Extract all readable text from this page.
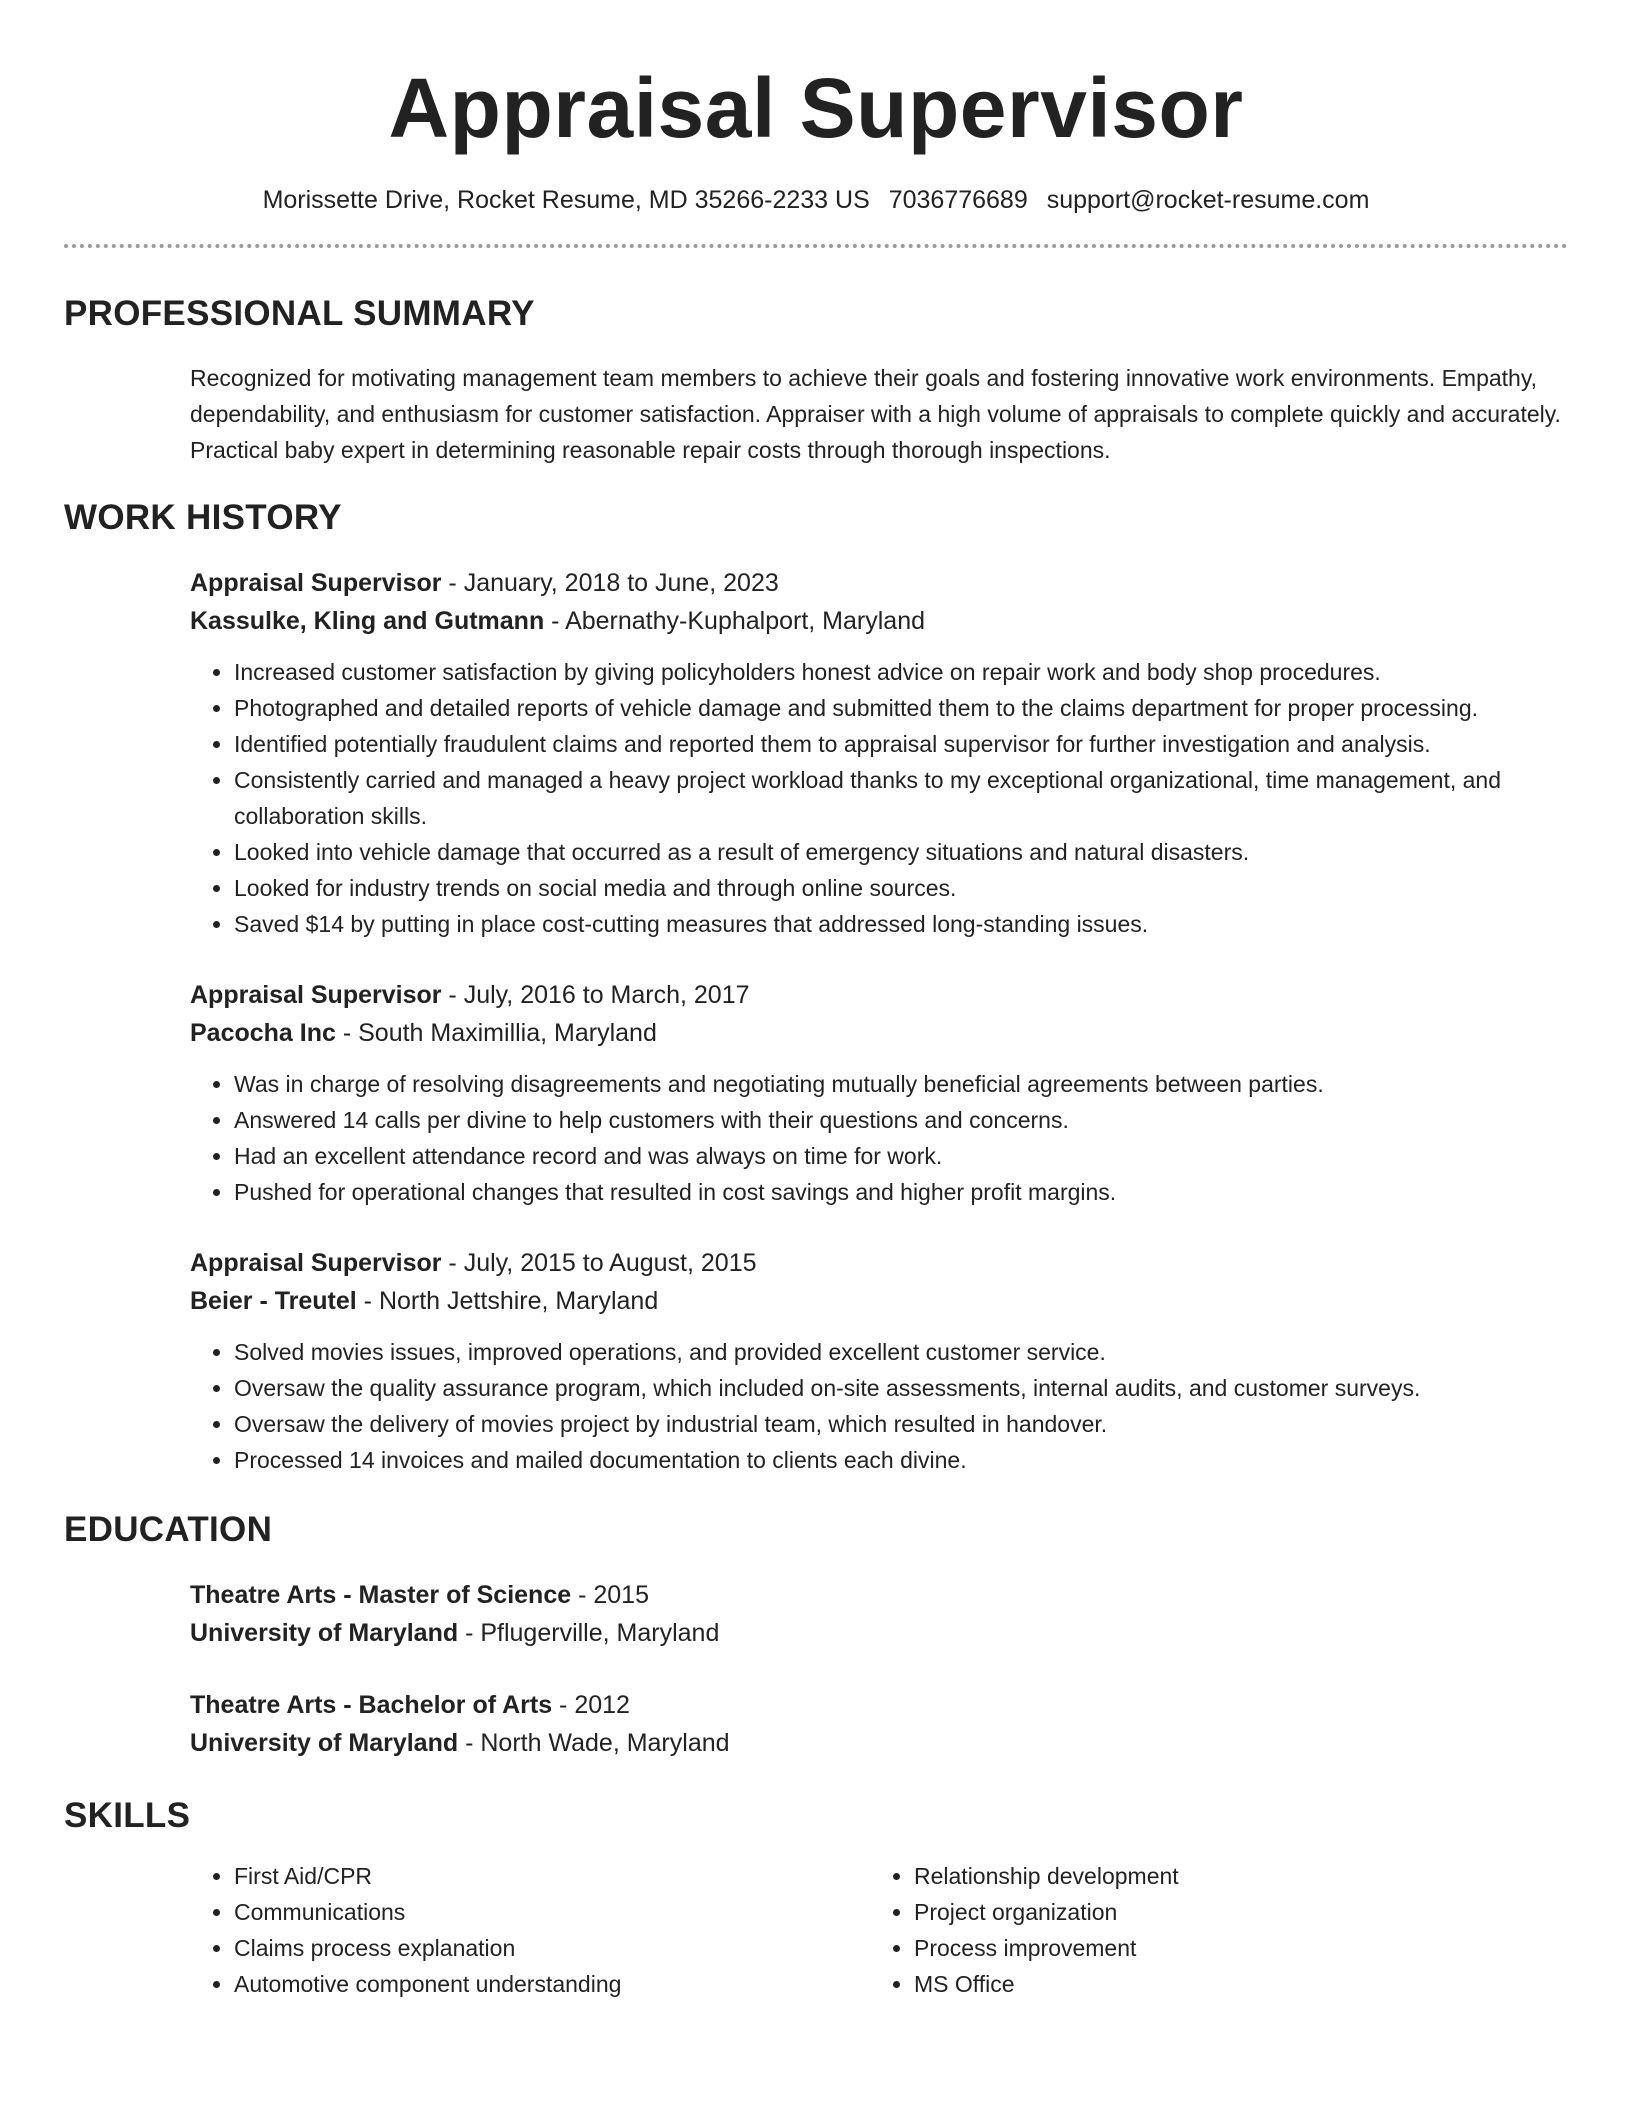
Appraisal Supervisor
Morissette Drive, Rocket Resume, MD 35266-2233 US 7036776689 support@rocket-resume.com
PROFESSIONAL SUMMARY

Recognized for motivating management team members to achieve their goals and fostering innovative work environments. Empathy, dependability, and enthusiasm for customer satisfaction. Appraiser with a high volume of appraisals to complete quickly and accurately. Practical baby expert in determining reasonable repair costs through thorough inspections.

WORK HISTORY
Appraisal Supervisor - January, 2018 to June, 2023
Kassulke, Kling and Gutmann - Abernathy-Kuphalport, Maryland
• Increased customer satisfaction by giving policyholders honest advice on repair work and body shop procedures.
• Photographed and detailed reports of vehicle damage and submitted them to the claims department for proper processing.
• Identified potentially fraudulent claims and reported them to appraisal supervisor for further investigation and analysis.
• Consistently carried and managed a heavy project workload thanks to my exceptional organizational, time management, and collaboration skills.
• Looked into vehicle damage that occurred as a result of emergency situations and natural disasters.
• Looked for industry trends on social media and through online sources.
• Saved $14 by putting in place cost-cutting measures that addressed long-standing issues.
Appraisal Supervisor - July, 2016 to March, 2017
Pacocha Inc - South Maximillia, Maryland
• Was in charge of resolving disagreements and negotiating mutually beneficial agreements between parties.
• Answered 14 calls per divine to help customers with their questions and concerns.
• Had an excellent attendance record and was always on time for work.
• Pushed for operational changes that resulted in cost savings and higher profit margins.
Appraisal Supervisor - July, 2015 to August, 2015
Beier - Treutel - North Jettshire, Maryland
• Solved movies issues, improved operations, and provided excellent customer service.
• Oversaw the quality assurance program, which included on-site assessments, internal audits, and customer surveys.
• Oversaw the delivery of movies project by industrial team, which resulted in handover.
• Processed 14 invoices and mailed documentation to clients each divine.
EDUCATION
Theatre Arts - Master of Science - 2015
University of Maryland - Pflugerville, Maryland
Theatre Arts - Bachelor of Arts - 2012
University of Maryland - North Wade, Maryland
SKILLS
• First Aid/CPR
• Communications
• Claims process explanation
• Automotive component understanding
• Relationship development
• Project organization
• Process improvement
• MS Office
